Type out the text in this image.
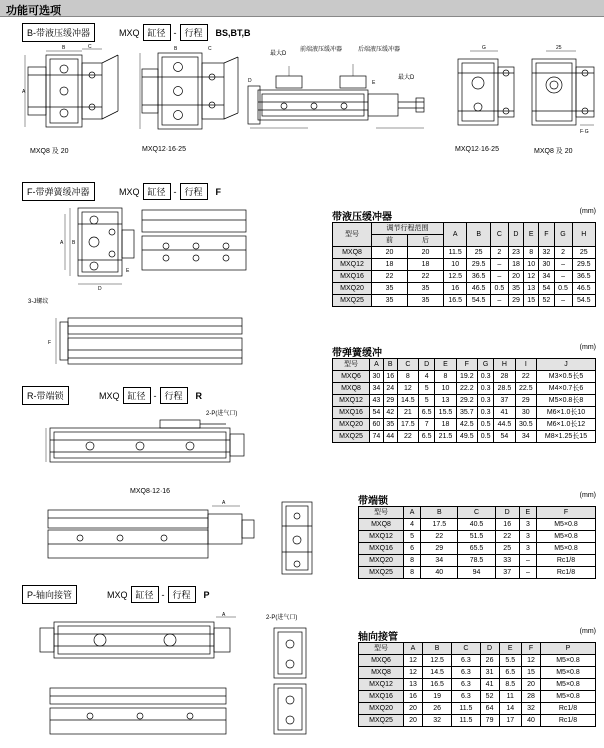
功能可选项
B-带液压缓冲器	MXQ 缸径 - 行程 BS,BT,B
A
B	C
MXQ8 及 20
B	C
MXQ12·16·25
D	E
最大D
前端液压缓冲器	后端液压缓冲器
最大D
G	25
F·G
MXQ12·16·25	MXQ8 及 20
F-带弹簧缓冲器	MXQ 缸径 - 行程 F
A B
D
E
3-J螺纹
F
R-带端锁	MXQ 缸径 - 行程 R
2-P(进气口)
MXQ8·12·16
A
P-轴向接管	MXQ 缸径 - 行程 P
2-P(进气口)
A
带液压缓冲器
(mm)
型号	调节行程范围		A	B	C	D	E	F	G	H
	前	后								
MXQ8	20	20	11.5	25	2	23	8	32	2	25
MXQ12	18	18	10	29.5	–	18	10	30	–	29.5
MXQ16	22	22	12.5	36.5	–	20	12	34	–	36.5
MXQ20	35	35	16	46.5	0.5	35	13	54	0.5	46.5
MXQ25	35	35	16.5	54.5	–	29	15	52	–	54.5
带弹簧缓冲
(mm)
型号	A	B	C	D	E	F	G	H	I	J
MXQ6	30	16	8	4	8	19.2	0.3	28	22	M3×0.5长5
MXQ8	34	24	12	5	10	22.2	0.3	28.5	22.5	M4×0.7长6
MXQ12	43	29	14.5	5	13	29.2	0.3	37	29	M5×0.8长8
MXQ16	54	42	21	6.5	15.5	35.7	0.3	41	30	M6×1.0长10
MXQ20	60	35	17.5	7	18	42.5	0.5	44.5	30.5	M6×1.0长12
MXQ25	74	44	22	6.5	21.5	49.5	0.5	54	34	M8×1.25长15
带端锁
(mm)
型号	A	B	C	D	E	F
MXQ8	4	17.5	40.5	16	3	M5×0.8
MXQ12	5	22	51.5	22	3	M5×0.8
MXQ16	6	29	65.5	25	3	M5×0.8
MXQ20	8	34	78.5	33	–	Rc1/8
MXQ25	8	40	94	37	–	Rc1/8
轴向接管
(mm)
型号	A	B	C	D	E	F	P
MXQ6	12	12.5	6.3	26	5.5	12	M5×0.8
MXQ8	12	14.5	6.3	31	6.5	15	M5×0.8
MXQ12	13	16.5	6.3	41	8.5	20	M5×0.8
MXQ16	16	19	6.3	52	11	28	M5×0.8
MXQ20	20	26	11.5	64	14	32	Rc1/8
MXQ25	20	32	11.5	79	17	40	Rc1/8
